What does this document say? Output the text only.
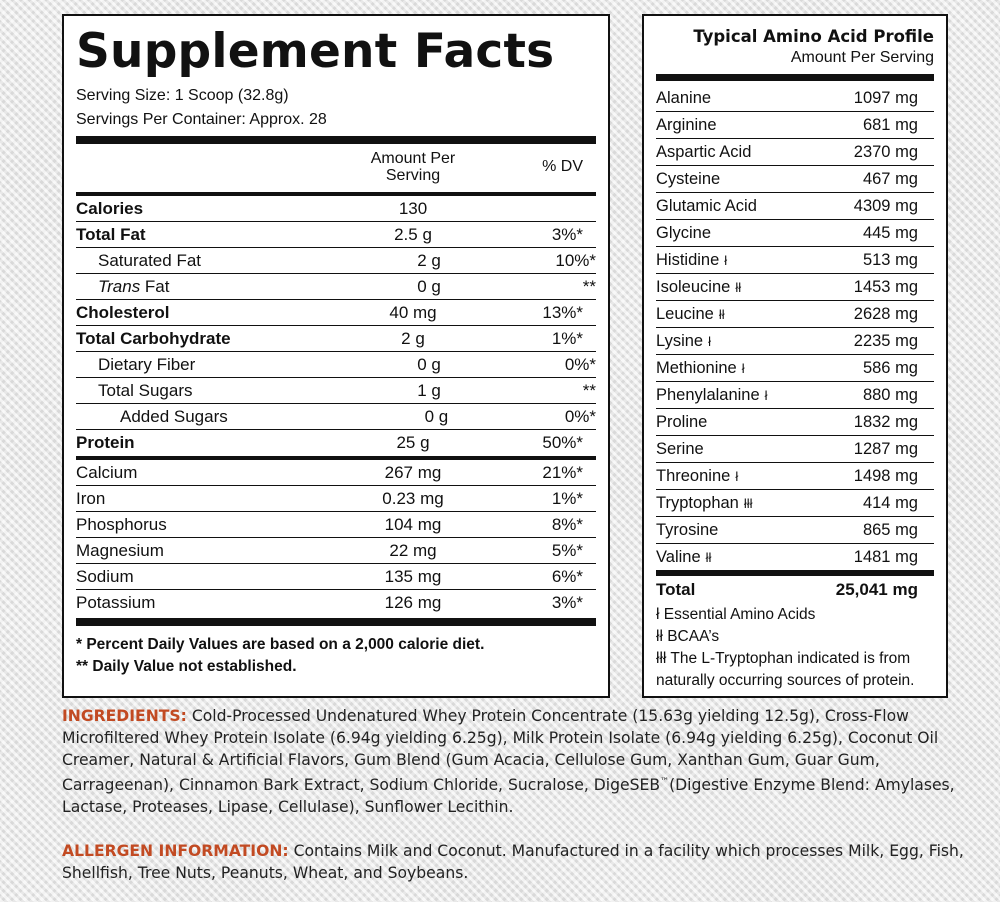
Supplement Facts
Serving Size: 1 Scoop (32.8g)
Servings Per Container: Approx. 28
Amount Per
Serving
% DV
Calories	130
Total Fat	2.5 g	3%*
Saturated Fat	2 g	10%*
Trans Fat	0 g	**
Cholesterol	40 mg	13%*
Total Carbohydrate	2 g	1%*
Dietary Fiber	0 g	0%*
Total Sugars	1 g	**
Added Sugars	0 g	0%*
Protein	25 g	50%*
Calcium	267 mg	21%*
Iron	0.23 mg	1%*
Phosphorus	104 mg	8%*
Magnesium	22 mg	5%*
Sodium	135 mg	6%*
Potassium	126 mg	3%*
* Percent Daily Values are based on a 2,000 calorie diet.
** Daily Value not established.
Typical Amino Acid Profile
Amount Per Serving
Alanine	1097 mg
Arginine	681 mg
Aspartic Acid	2370 mg
Cysteine	467 mg
Glutamic Acid	4309 mg
Glycine	445 mg
Histidine ł	513 mg
Isoleucine łł	1453 mg
Leucine łł	2628 mg
Lysine ł	2235 mg
Methionine ł	586 mg
Phenylalanine ł	880 mg
Proline	1832 mg
Serine	1287 mg
Threonine ł	1498 mg
Tryptophan łłł	414 mg
Tyrosine	865 mg
Valine łł	1481 mg
Total	25,041 mg
ł Essential Amino Acids
łł BCAA’s
łłł The L-Tryptophan indicated is from
naturally occurring sources of protein.
INGREDIENTS: Cold-Processed Undenatured Whey Protein Concentrate (15.63g yielding 12.5g), Cross-Flow Microfiltered Whey Protein Isolate (6.94g yielding 6.25g), Milk Protein Isolate (6.94g yielding 6.25g), Coconut Oil Creamer, Natural & Artificial Flavors, Gum Blend (Gum Acacia, Cellulose Gum, Xanthan Gum, Guar Gum, Carrageenan), Cinnamon Bark Extract, Sodium Chloride, Sucralose, DigeSEB™(Digestive Enzyme Blend: Amylases, Lactase, Proteases, Lipase, Cellulase), Sunflower Lecithin.
ALLERGEN INFORMATION: Contains Milk and Coconut. Manufactured in a facility which processes Milk, Egg, Fish, Shellfish, Tree Nuts, Peanuts, Wheat, and Soybeans.
